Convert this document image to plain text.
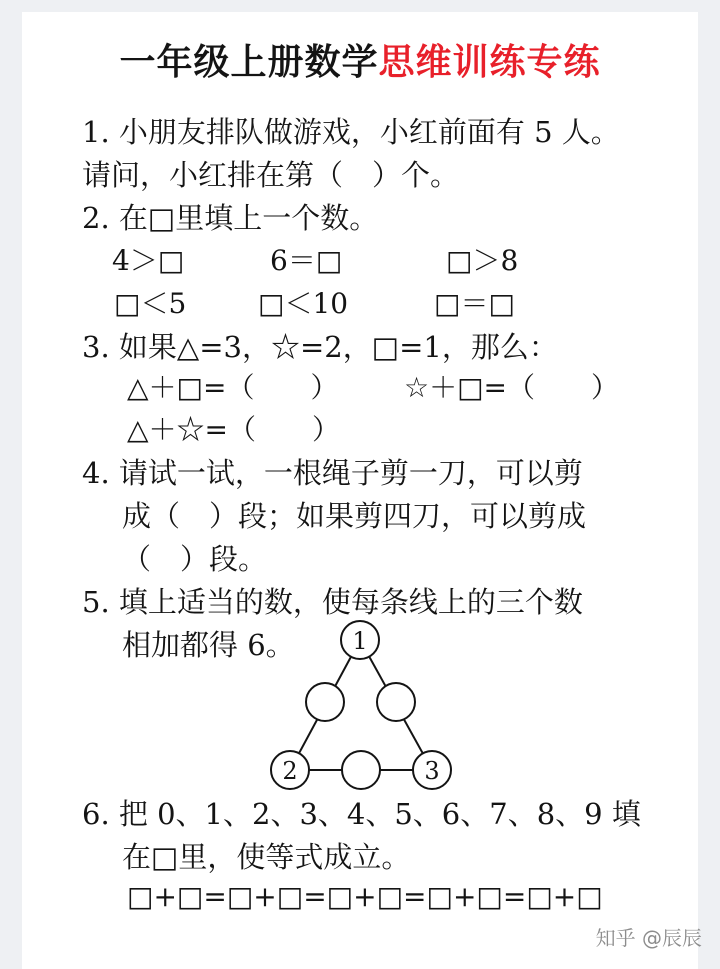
一年级上册数学思维训练专练
1. 小朋友排队做游戏，小红前面有 5 人。
请问，小红排在第（　）个。
2. 在□里填上一个数。
4＞□	6＝□	□＞8
□＜5	□＜10	□＝□
3. 如果△=3，☆=2，□=1，那么：
△＋□=（　　） ☆＋□=（　　）
△＋☆=（　　）
4. 请试一试，一根绳子剪一刀，可以剪
成（　）段；如果剪四刀，可以剪成
（　）段。
5. 填上适当的数，使每条线上的三个数
相加都得 6。 1
2	3
6. 把 0、1、2、3、4、5、6、7、8、9 填
在□里，使等式成立。
□+□=□+□=□+□=□+□=□+□
知乎 @辰辰
